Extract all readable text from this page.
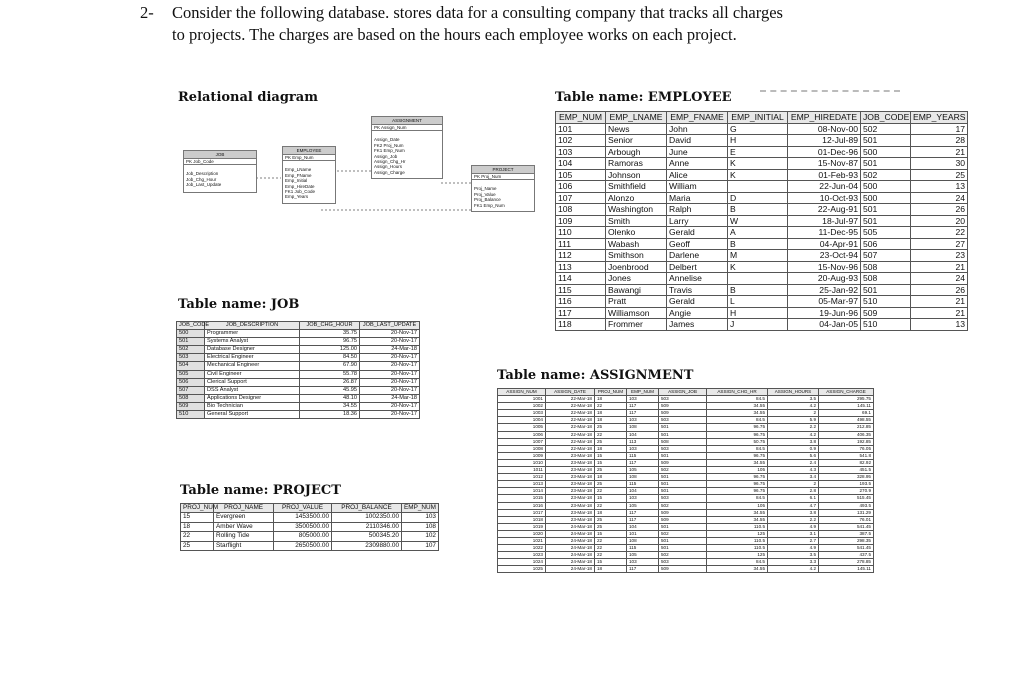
2- Consider the following database. stores data for a consulting company that tracks all charges
to projects. The charges are based on the hours each employee works on each project.
Relational diagram
JOB
PK Job_Code
Job_Description
Job_Chg_Hour
Job_Last_Update
EMPLOYEE
PK Emp_Num
Emp_LName
Emp_FName
Emp_Initial
Emp_HireDate
FK1 Job_Code
Emp_Years
ASSIGNMENT
PK Assign_Num
Assign_Date
FK2 Proj_Num
FK1 Emp_Num
Assign_Job
Assign_Chg_Hr
Assign_Hours
Assign_Charge
PROJECT
PK Proj_Num
Proj_Name
Proj_Value
Proj_Balance
FK1 Emp_Num
Table name: EMPLOYEE
EMP_NUM	EMP_LNAME	EMP_FNAME	EMP_INITIAL	EMP_HIREDATE	JOB_CODE	EMP_YEARS
101	News	John	G	08-Nov-00	502	17
102	Senior	David	H	12-Jul-89	501	28
103	Arbough	June	E	01-Dec-96	500	21
104	Ramoras	Anne	K	15-Nov-87	501	30
105	Johnson	Alice	K	01-Feb-93	502	25
106	Smithfield	William		22-Jun-04	500	13
107	Alonzo	Maria	D	10-Oct-93	500	24
108	Washington	Ralph	B	22-Aug-91	501	26
109	Smith	Larry	W	18-Jul-97	501	20
110	Olenko	Gerald	A	11-Dec-95	505	22
111	Wabash	Geoff	B	04-Apr-91	506	27
112	Smithson	Darlene	M	23-Oct-94	507	23
113	Joenbrood	Delbert	K	15-Nov-96	508	21
114	Jones	Annelise		20-Aug-93	508	24
115	Bawangi	Travis	B	25-Jan-92	501	26
116	Pratt	Gerald	L	05-Mar-97	510	21
117	Williamson	Angie	H	19-Jun-96	509	21
118	Frommer	James	J	04-Jan-05	510	13
Table name: JOB
JOB_CODE	JOB_DESCRIPTION	JOB_CHG_HOUR	JOB_LAST_UPDATE
500	Programmer	35.75	20-Nov-17
501	Systems Analyst	96.75	20-Nov-17
502	Database Designer	125.00	24-Mar-18
503	Electrical Engineer	84.50	20-Nov-17
504	Mechanical Engineer	67.90	20-Nov-17
505	Civil Engineer	55.78	20-Nov-17
506	Clerical Support	26.87	20-Nov-17
507	DSS Analyst	45.95	20-Nov-17
508	Applications Designer	48.10	24-Mar-18
509	Bio Technician	34.55	20-Nov-17
510	General Support	18.36	20-Nov-17
Table name: PROJECT
PROJ_NUM	PROJ_NAME	PROJ_VALUE	PROJ_BALANCE	EMP_NUM
15	Evergreen	1453500.00	1002350.00	103
18	Amber Wave	3500500.00	2110346.00	108
22	Rolling Tide	805000.00	500345.20	102
25	Starflight	2650500.00	2309880.00	107
Table name: ASSIGNMENT
ASSIGN_NUM	ASSIGN_DATE	PROJ_NUM	EMP_NUM	ASSIGN_JOB	ASSIGN_CHG_HR	ASSIGN_HOURS	ASSIGN_CHARGE
1001	22-Mar-18	18	103	503	84.5	3.5	295.75
1002	22-Mar-18	22	117	509	34.55	4.2	145.11
1003	22-Mar-18	18	117	509	34.55	2	69.1
1004	22-Mar-18	18	103	503	84.5	5.9	498.55
1005	22-Mar-18	25	108	501	96.75	2.2	212.85
1006	22-Mar-18	22	104	501	96.75	4.2	406.35
1007	22-Mar-18	25	113	508	50.75	3.8	192.85
1008	22-Mar-18	18	103	503	84.5	0.9	76.05
1009	23-Mar-18	15	115	501	96.75	5.6	541.8
1010	23-Mar-18	15	117	509	34.55	2.4	82.92
1011	23-Mar-18	25	105	502	105	4.3	451.5
1012	23-Mar-18	18	108	501	96.75	3.4	328.95
1013	23-Mar-18	25	115	501	96.75	2	193.5
1014	23-Mar-18	22	104	501	96.75	2.8	270.9
1015	23-Mar-18	15	103	503	84.5	6.1	515.45
1016	23-Mar-18	22	105	502	105	4.7	493.5
1017	23-Mar-18	18	117	509	34.55	3.8	131.29
1018	23-Mar-18	25	117	509	34.55	2.2	76.01
1019	24-Mar-18	25	104	501	110.5	4.9	541.45
1020	24-Mar-18	15	101	502	125	3.1	387.5
1021	24-Mar-18	22	108	501	110.5	2.7	298.35
1022	24-Mar-18	22	115	501	110.5	4.9	541.45
1023	24-Mar-18	22	105	502	125	3.5	437.5
1024	24-Mar-18	15	103	503	84.5	3.3	278.85
1025	24-Mar-18	18	117	509	34.55	4.2	145.11
